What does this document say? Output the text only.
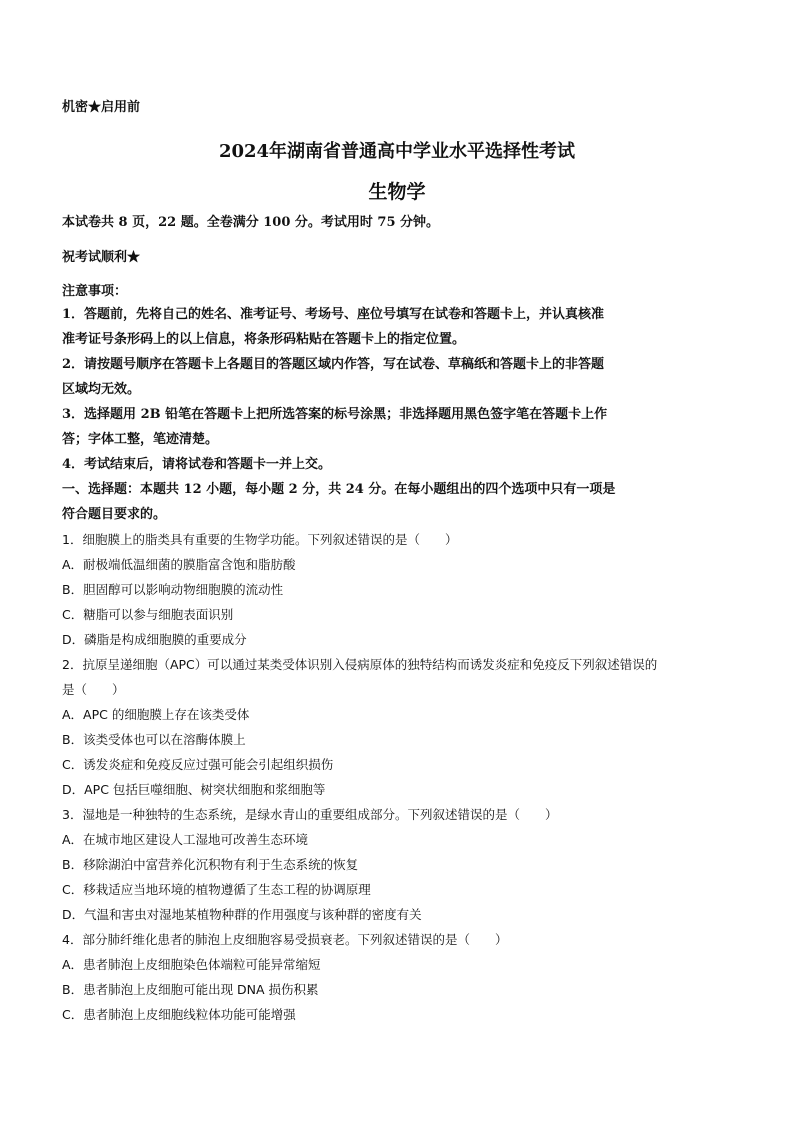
机密★启用前
2024年湖南省普通高中学业水平选择性考试
生物学
本试卷共 8 页，22 题。全卷满分 100 分。考试用时 75 分钟。
祝考试顺利★
注意事项：
1．答题前，先将自己的姓名、准考证号、考场号、座位号填写在试卷和答题卡上，并认真核准
准考证号条形码上的以上信息，将条形码粘贴在答题卡上的指定位置。
2．请按题号顺序在答题卡上各题目的答题区域内作答，写在试卷、草稿纸和答题卡上的非答题
区域均无效。
3．选择题用 2B 铅笔在答题卡上把所选答案的标号涂黑；非选择题用黑色签字笔在答题卡上作
答；字体工整，笔迹清楚。
4．考试结束后，请将试卷和答题卡一并上交。
一、选择题：本题共 12 小题，每小题 2 分，共 24 分。在每小题组出的四个选项中只有一项是
符合题目要求的。
1．细胞膜上的脂类具有重要的生物学功能。下列叙述错误的是（　　）
A．耐极端低温细菌的膜脂富含饱和脂肪酸
B．胆固醇可以影响动物细胞膜的流动性
C．糖脂可以参与细胞表面识别
D．磷脂是构成细胞膜的重要成分
2．抗原呈递细胞（APC）可以通过某类受体识别入侵病原体的独特结构而诱发炎症和免疫反下列叙述错误的
是（　　）
A．APC 的细胞膜上存在该类受体
B．该类受体也可以在溶酶体膜上
C．诱发炎症和免疫反应过强可能会引起组织损伤
D．APC 包括巨噬细胞、树突状细胞和浆细胞等
3．湿地是一种独特的生态系统，是绿水青山的重要组成部分。下列叙述错误的是（　　）
A．在城市地区建设人工湿地可改善生态环境
B．移除湖泊中富营养化沉积物有利于生态系统的恢复
C．移栽适应当地环境的植物遵循了生态工程的协调原理
D．气温和害虫对湿地某植物种群的作用强度与该种群的密度有关
4．部分肺纤维化患者的肺泡上皮细胞容易受损衰老。下列叙述错误的是（　　）
A．患者肺泡上皮细胞染色体端粒可能异常缩短
B．患者肺泡上皮细胞可能出现 DNA 损伤积累
C．患者肺泡上皮细胞线粒体功能可能增强
